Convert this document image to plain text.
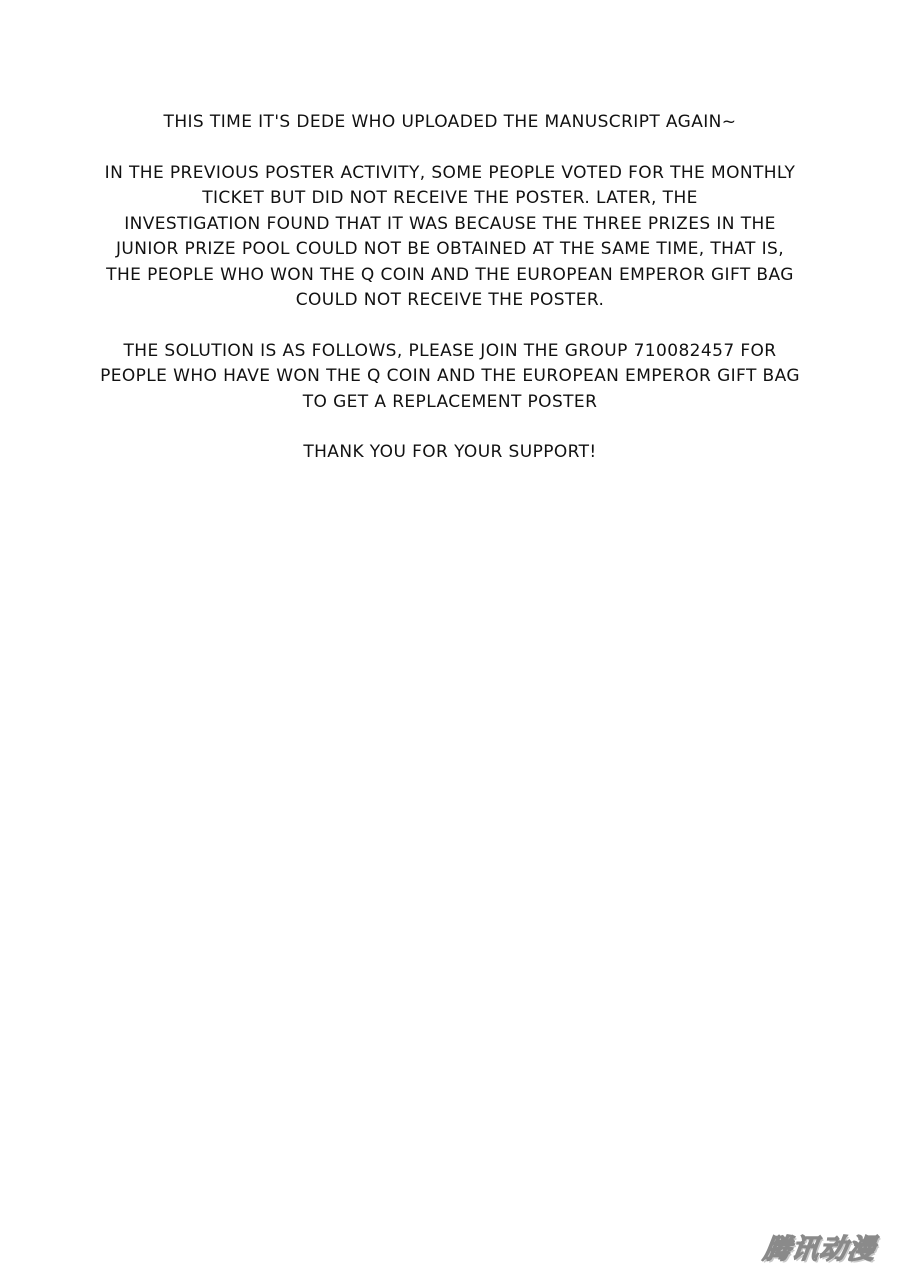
THIS TIME IT'S DEDE WHO UPLOADED THE MANUSCRIPT AGAIN~

IN THE PREVIOUS POSTER ACTIVITY, SOME PEOPLE VOTED FOR THE MONTHLY
TICKET BUT DID NOT RECEIVE THE POSTER. LATER, THE
INVESTIGATION FOUND THAT IT WAS BECAUSE THE THREE PRIZES IN THE
JUNIOR PRIZE POOL COULD NOT BE OBTAINED AT THE SAME TIME, THAT IS,
THE PEOPLE WHO WON THE Q COIN AND THE EUROPEAN EMPEROR GIFT BAG
COULD NOT RECEIVE THE POSTER.

THE SOLUTION IS AS FOLLOWS, PLEASE JOIN THE GROUP 710082457 FOR
PEOPLE WHO HAVE WON THE Q COIN AND THE EUROPEAN EMPEROR GIFT BAG
TO GET A REPLACEMENT POSTER

THANK YOU FOR YOUR SUPPORT!

腾讯动漫
